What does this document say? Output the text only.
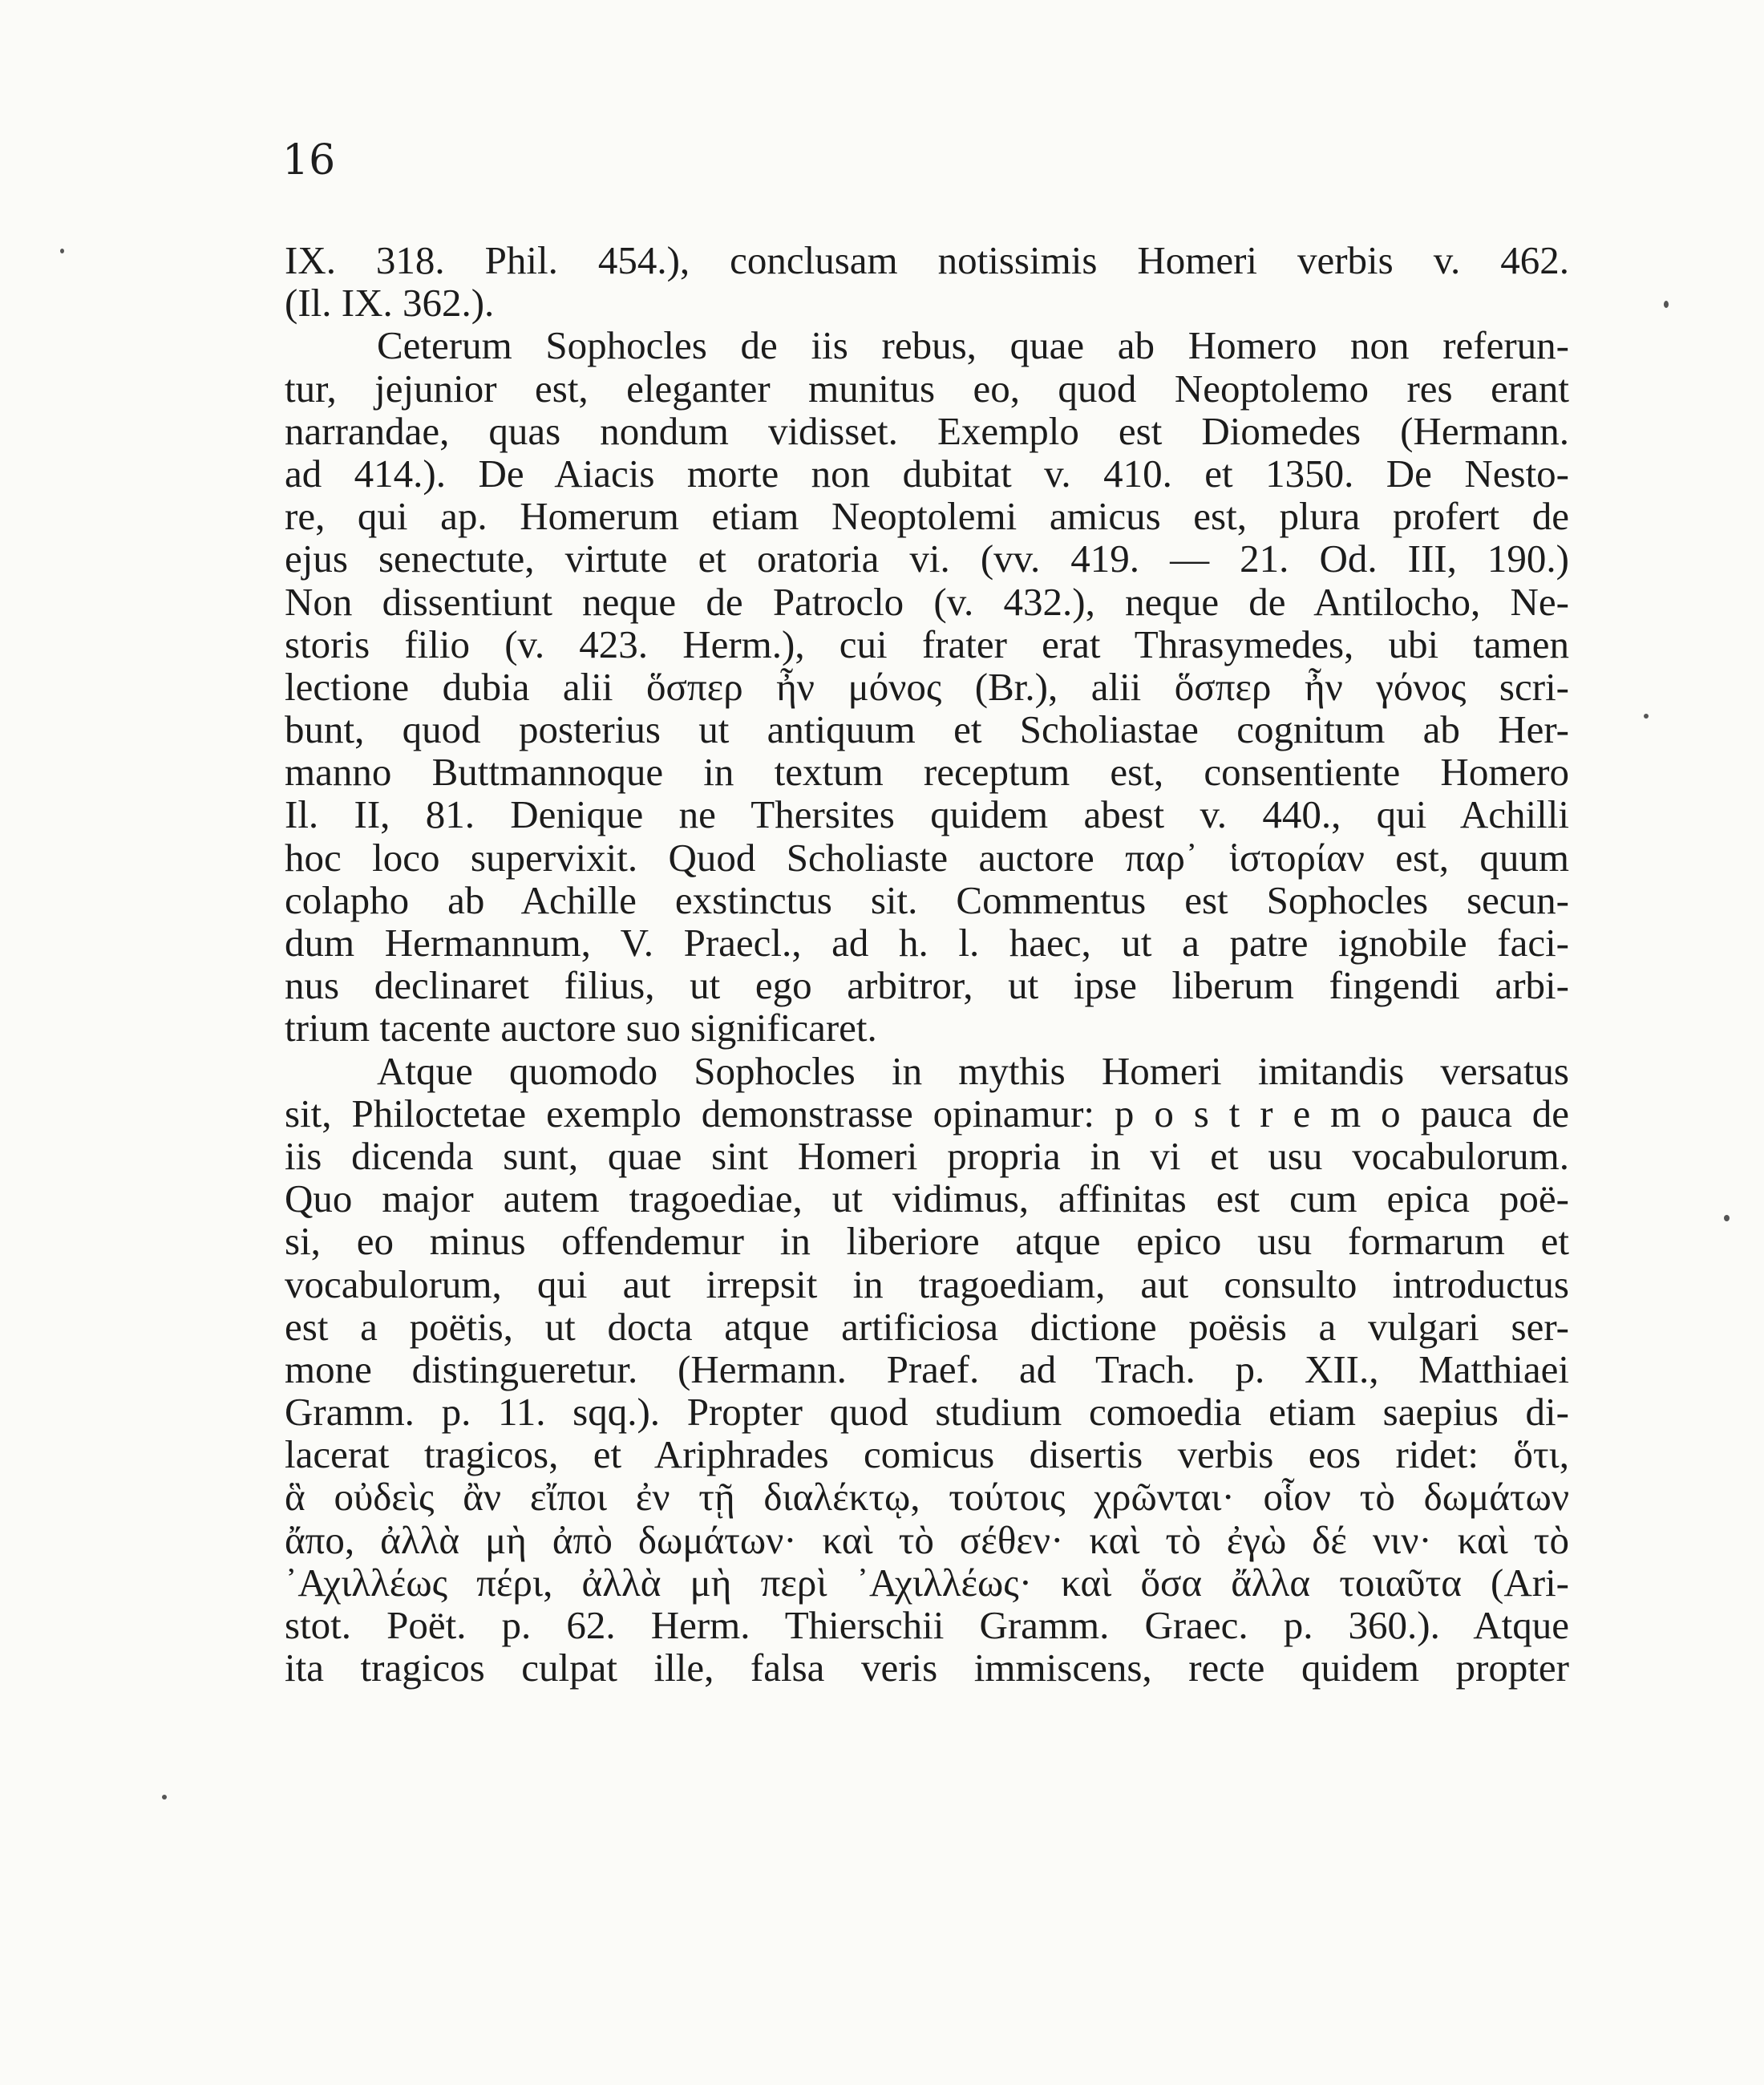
16
IX. 318. Phil. 454.), conclusam notissimis Homeri verbis v. 462.
(Il. IX. 362.).
Ceterum Sophocles de iis rebus, quae ab Homero non referun-
tur, jejunior est, eleganter munitus eo, quod Neoptolemo res erant
narrandae, quas nondum vidisset. Exemplo est Diomedes (Hermann.
ad 414.). De Aiacis morte non dubitat v. 410. et 1350. De Nesto-
re, qui ap. Homerum etiam Neoptolemi amicus est, plura profert de
ejus senectute, virtute et oratoria vi. (vv. 419. — 21. Od. III, 190.)
Non dissentiunt neque de Patroclo (v. 432.), neque de Antilocho, Ne-
storis filio (v. 423. Herm.), cui frater erat Thrasymedes, ubi tamen
lectione dubia alii ὅσπερ ἦν μόνος (Br.), alii ὅσπερ ἦν γόνος scri-
bunt, quod posterius ut antiquum et Scholiastae cognitum ab Her-
manno Buttmannoque in textum receptum est, consentiente Homero
Il. II, 81. Denique ne Thersites quidem abest v. 440., qui Achilli
hoc loco supervixit. Quod Scholiaste auctore παρ᾽ ἱστορίαν est, quum
colapho ab Achille exstinctus sit. Commentus est Sophocles secun-
dum Hermannum, V. Praecl., ad h. l. haec, ut a patre ignobile faci-
nus declinaret filius, ut ego arbitror, ut ipse liberum fingendi arbi-
trium tacente auctore suo significaret.
Atque quomodo Sophocles in mythis Homeri imitandis versatus
sit, Philoctetae exemplo demonstrasse opinamur: p o s t r e m o pauca de
iis dicenda sunt, quae sint Homeri propria in vi et usu vocabulorum.
Quo major autem tragoediae, ut vidimus, affinitas est cum epica poë-
si, eo minus offendemur in liberiore atque epico usu formarum et
vocabulorum, qui aut irrepsit in tragoediam, aut consulto introductus
est a poëtis, ut docta atque artificiosa dictione poësis a vulgari ser-
mone distingueretur. (Hermann. Praef. ad Trach. p. XII., Matthiaei
Gramm. p. 11. sqq.). Propter quod studium comoedia etiam saepius di-
lacerat tragicos, et Ariphrades comicus disertis verbis eos ridet: ὅτι,
ἃ οὐδεὶς ἂν εἴποι ἐν τῇ διαλέκτῳ, τούτοις χρῶνται· οἷον τὸ δωμάτων
ἄπο, ἀλλὰ μὴ ἀπὸ δωμάτων· καὶ τὸ σέθεν· καὶ τὸ ἐγὼ δέ νιν· καὶ τὸ
᾽Αχιλλέως πέρι, ἀλλὰ μὴ περὶ ᾽Αχιλλέως· καὶ ὅσα ἄλλα τοιαῦτα (Ari-
stot. Poët. p. 62. Herm. Thierschii Gramm. Graec. p. 360.). Atque
ita tragicos culpat ille, falsa veris immiscens, recte quidem propter
